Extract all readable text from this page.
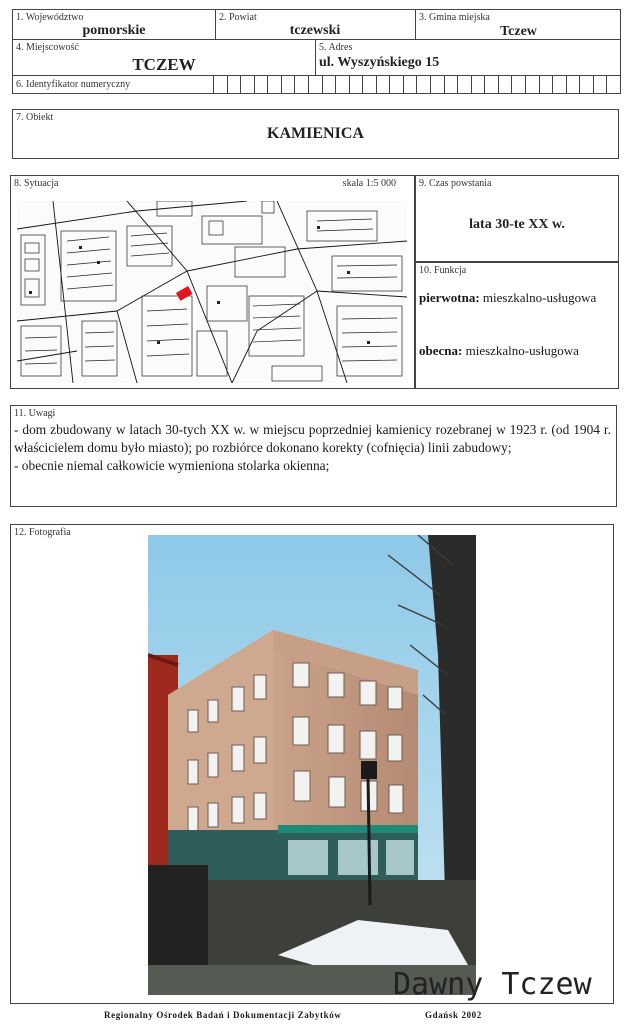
1. Województwo
pomorskie
2. Powiat
tczewski
3. Gmina miejska
Tczew
4. Miejscowość
TCZEW
5. Adres
ul. Wyszyńskiego 15
6. Identyfikator numeryczny
7. Obiekt
KAMIENICA
8. Sytuacja	skala 1:5 000 9. Czas powstania
lata 30-te XX w.
10. Funkcja
pierwotna: mieszkalno-usługowa
obecna: mieszkalno-usługowa
11. Uwagi

- dom zbudowany w latach 30-tych XX w. w miejscu poprzedniej kamienicy rozebranej w 1923 r. (od 1904 r. właścicielem domu było miasto); po rozbiórce dokonano korekty (cofnięcia) linii zabudowy;

- obecnie niemal całkowicie wymieniona stolarka okienna;

12. Fotografia
Regionalny Ośrodek Badań i Dokumentacji Zabytków	Gdańsk 2002
Dawny Tczew
